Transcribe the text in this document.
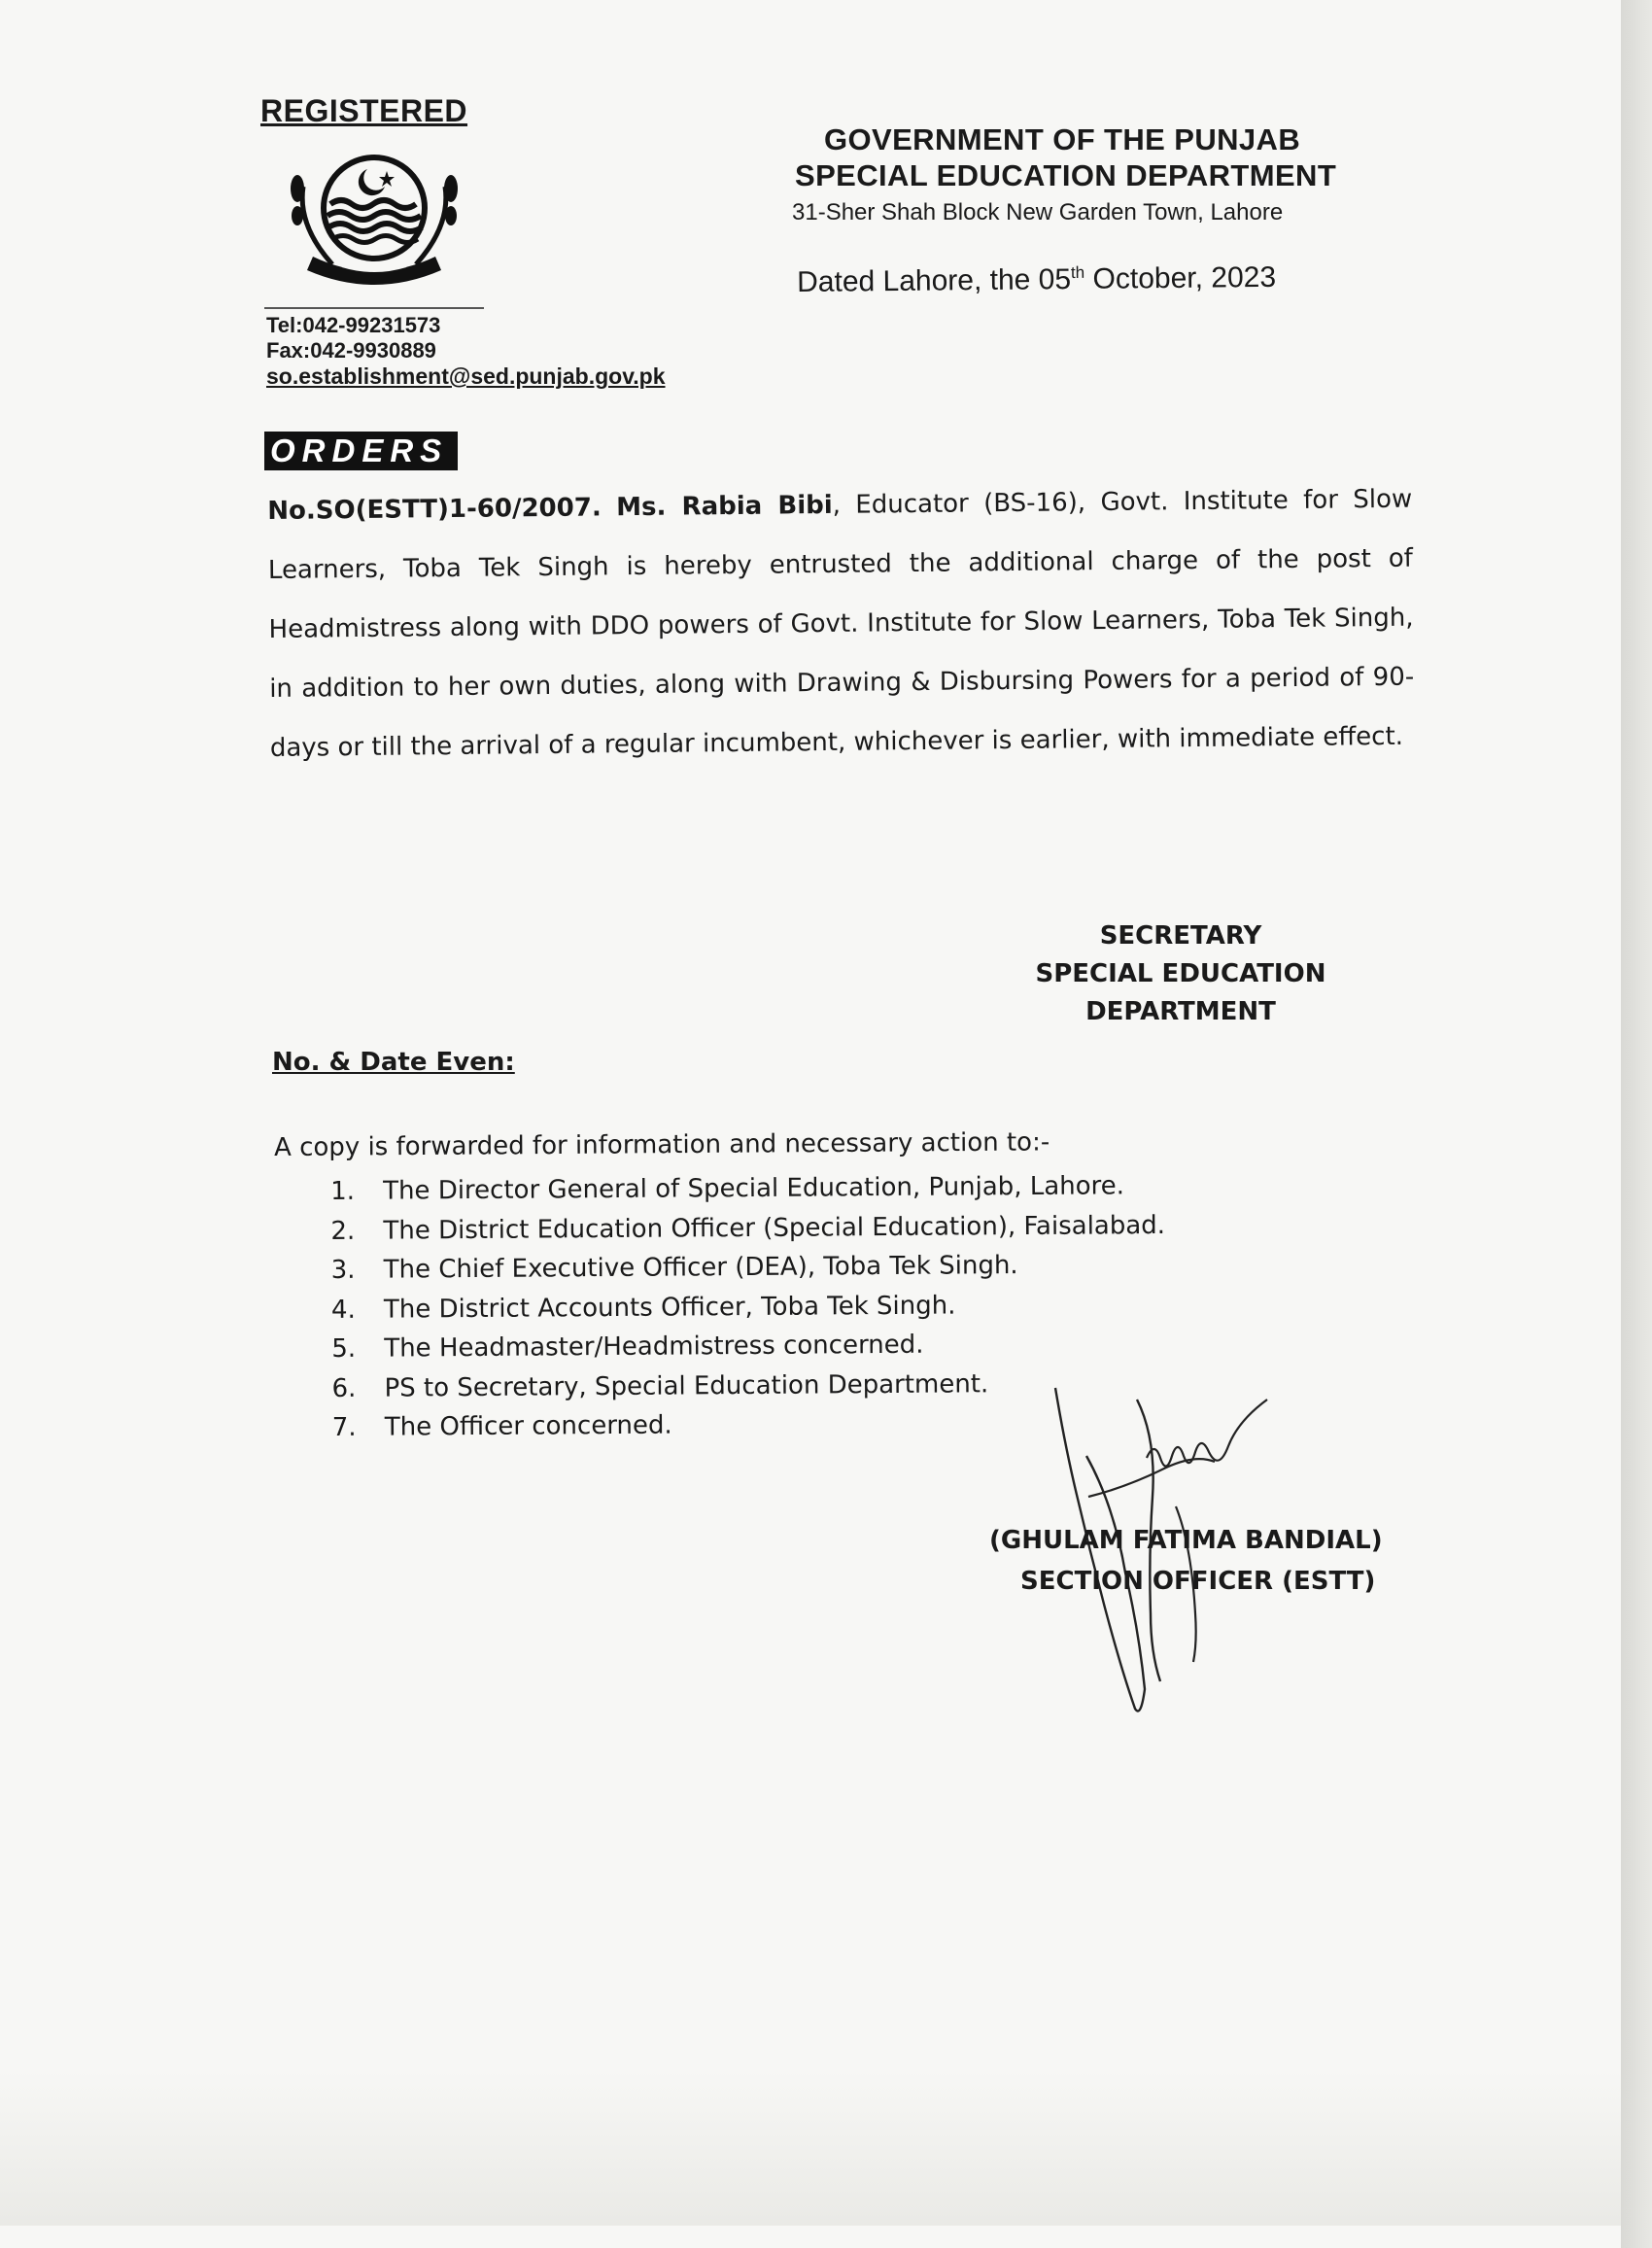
REGISTERED
Tel:042-99231573
Fax:042-9930889
so.establishment@sed.punjab.gov.pk
GOVERNMENT OF THE PUNJAB
SPECIAL EDUCATION DEPARTMENT
31-Sher Shah Block New Garden Town, Lahore
Dated Lahore, the 05th October, 2023
ORDERS
No.SO(ESTT)1-60/2007. Ms. Rabia Bibi, Educator (BS-16), Govt. Institute for Slow Learners, Toba Tek Singh is hereby entrusted the additional charge of the post of Headmistress along with DDO powers of Govt. Institute for Slow Learners, Toba Tek Singh, in addition to her own duties, along with Drawing & Disbursing Powers for a period of 90-days or till the arrival of a regular incumbent, whichever is earlier, with immediate effect.
SECRETARY
SPECIAL EDUCATION
DEPARTMENT
No. & Date Even:
A copy is forwarded for information and necessary action to:-
1. The Director General of Special Education, Punjab, Lahore.
2. The District Education Officer (Special Education), Faisalabad.
3. The Chief Executive Officer (DEA), Toba Tek Singh.
4. The District Accounts Officer, Toba Tek Singh.
5. The Headmaster/Headmistress concerned.
6. PS to Secretary, Special Education Department.
7. The Officer concerned.
(GHULAM FATIMA BANDIAL)
SECTION OFFICER (ESTT)
